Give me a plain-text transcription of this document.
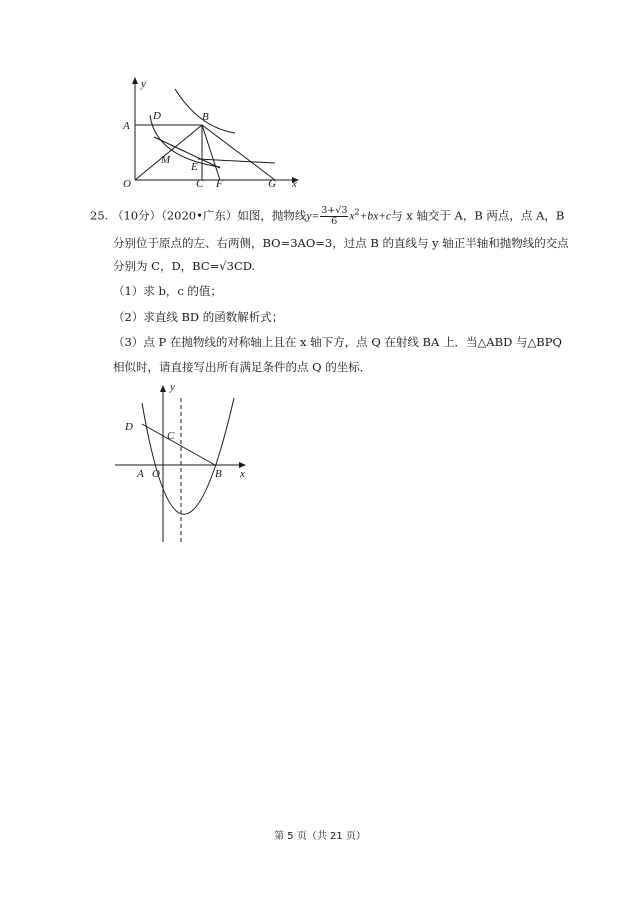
y
A
D	B
M
E
O	C F	G x
25. （10分）（2020•广东）如图，抛物线$y= \frac{3+√3}{6} x^2+bx+c$与 x 轴交于 A，B 两点，点 A，B
分别位于原点的左、右两侧，BO=3AO=3，过点 B 的直线与 y 轴正半轴和抛物线的交点
分别为 C，D，BC=√3CD.
（1）求 b，c 的值；
（2）求直线 BD 的函数解析式；
（3）点 P 在抛物线的对称轴上且在 x 轴下方，点 Q 在射线 BA 上．当△ABD 与△BPQ
相似时，请直接写出所有满足条件的点 Q 的坐标．
y
D
C
A O	B x
第 5 页（共 21 页）
